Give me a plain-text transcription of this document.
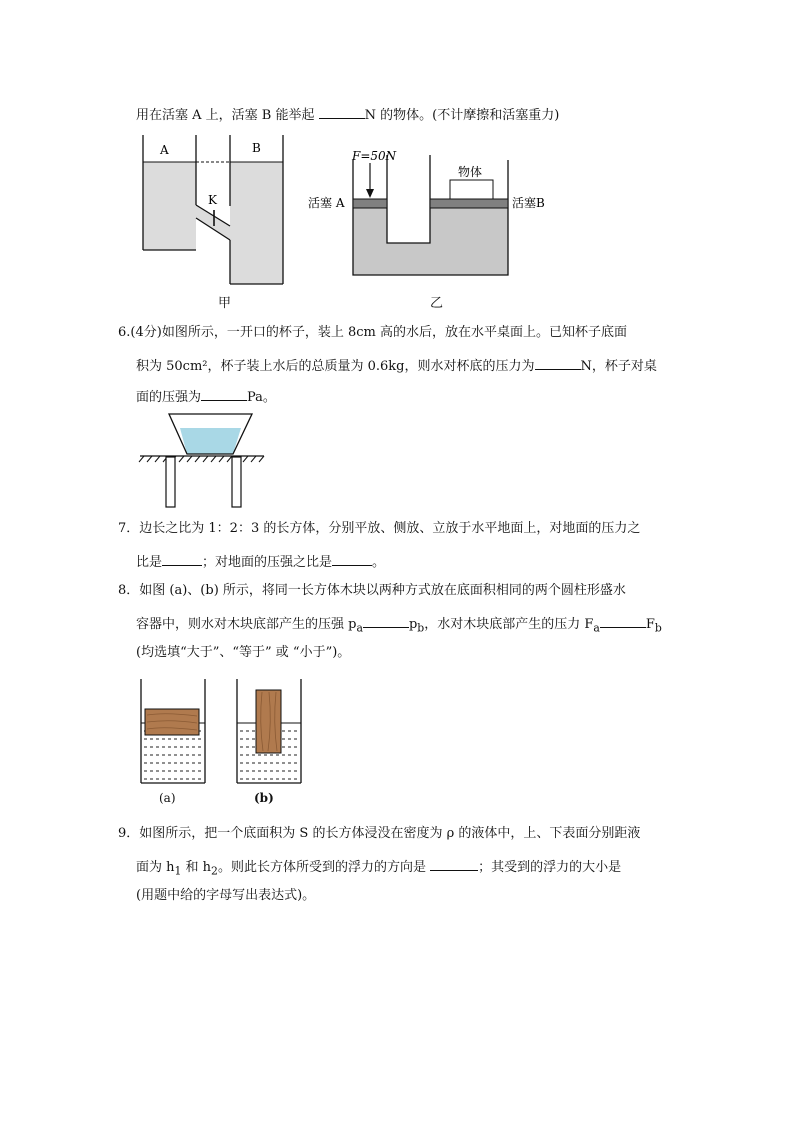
用在活塞 A 上，活塞 B 能举起	N 的物体。(不计摩擦和活塞重力)
A	B
K
甲
物体
F=50N
活塞 A	活塞B
乙
6.(4分)如图所示，一开口的杯子，装上 8cm 高的水后，放在水平桌面上。已知杯子底面
积为 50cm²，杯子装上水后的总质量为 0.6kg，则水对杯底的压力为	N，杯子对桌
面的压强为	Pa。
7．边长之比为 1：2：3 的长方体，分别平放、侧放、立放于水平地面上，对地面的压力之
比是	；对地面的压强之比是	。
8．如图 (a)、(b) 所示，将同一长方体木块以两种方式放在底面积相同的两个圆柱形盛水
容器中，则水对木块底部产生的压强 $p_a$	$p_b$，水对木块底部产生的压力 $F_a$	$F_b$
(均选填“大于”、“等于” 或 “小于”)。
(a)	(b)
9．如图所示，把一个底面积为 S 的长方体浸没在密度为 ρ 的液体中，上、下表面分别距液
面为 $h_1$ 和 $h_2$。则此长方体所受到的浮力的方向是	；其受到的浮力的大小是
(用题中给的字母写出表达式)。
